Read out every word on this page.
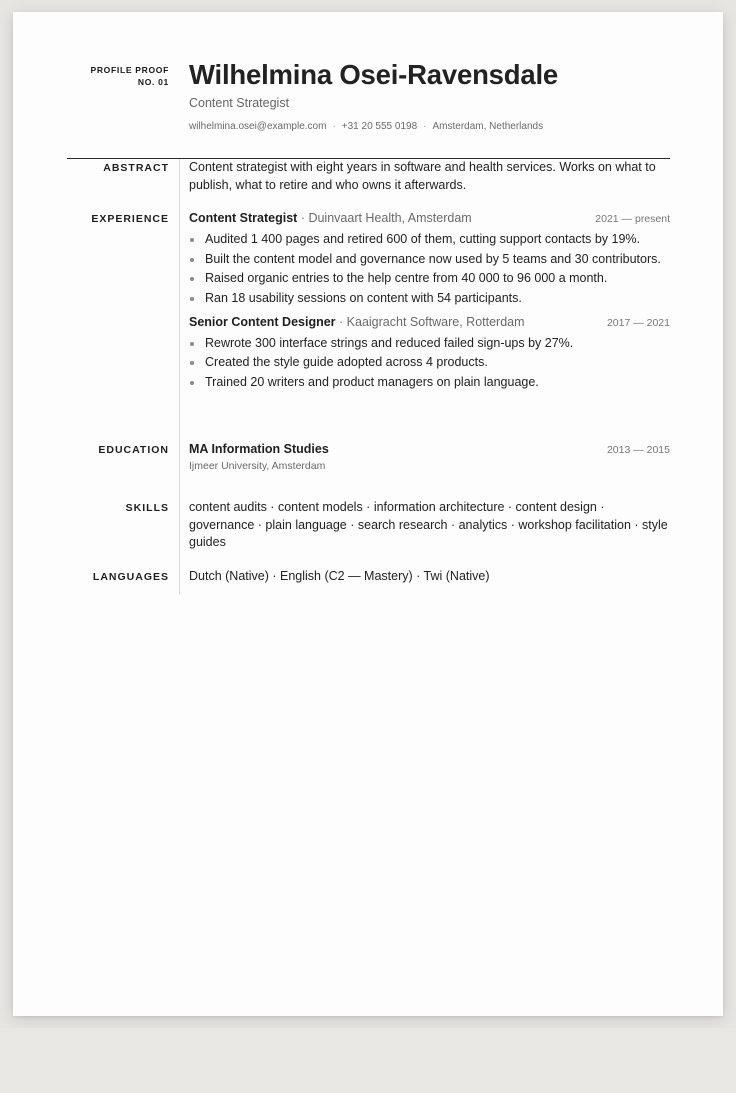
PROFILE PROOF
NO. 01 Wilhelmina Osei-Ravensdale
Content Strategist
wilhelmina.osei@example.com · +31 20 555 0198 · Amsterdam, Netherlands
ABSTRACT Content strategist with eight years in software and health services. Works on what to publish, what to retire and who owns it afterwards.
EXPERIENCE Content Strategist · Duinvaart Health, Amsterdam	2021 — present
Audited 1 400 pages and retired 600 of them, cutting support contacts by 19%.
Built the content model and governance now used by 5 teams and 30 contributors.
Raised organic entries to the help centre from 40 000 to 96 000 a month.
Ran 18 usability sessions on content with 54 participants.
Senior Content Designer · Kaaigracht Software, Rotterdam	2017 — 2021
Rewrote 300 interface strings and reduced failed sign-ups by 27%.
Created the style guide adopted across 4 products.
Trained 20 writers and product managers on plain language.
EDUCATION MA Information Studies	2013 — 2015
Ijmeer University, Amsterdam
SKILLS content audits · content models · information architecture · content design · governance · plain language · search research · analytics · workshop facilitation · style guides
LANGUAGES Dutch (Native) · English (C2 — Mastery) · Twi (Native)
